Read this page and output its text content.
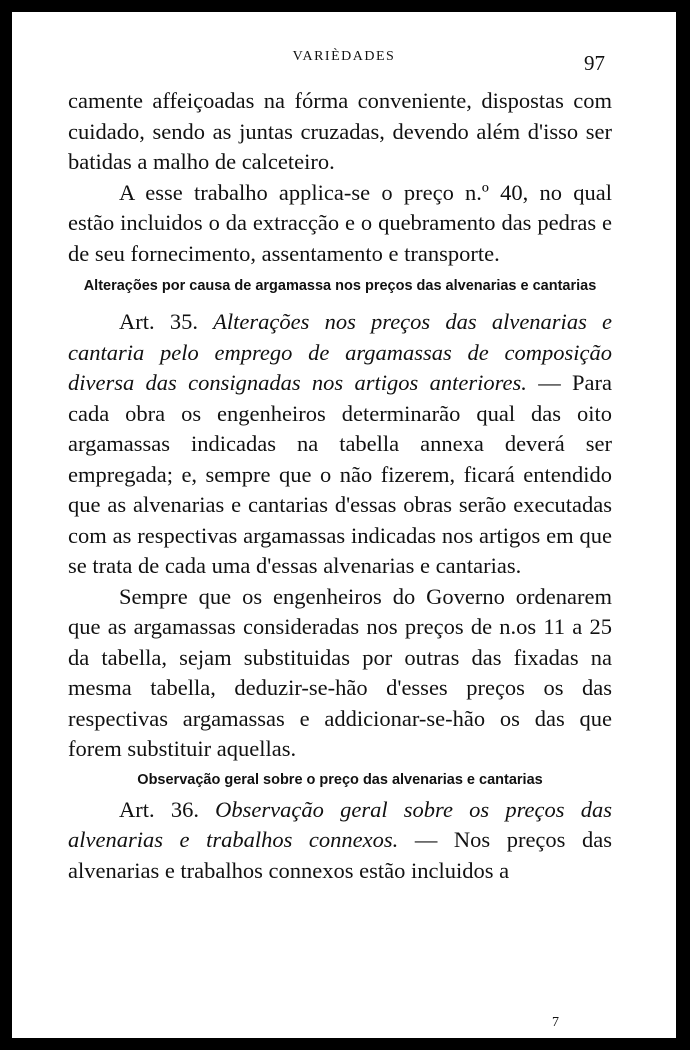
VARIÈDADES	97

camente affeiçoadas na fórma conveniente, dispostas com cuidado, sendo as juntas cruzadas, devendo além d'isso ser batidas a malho de calceteiro.

A esse trabalho applica-se o preço n.º 40, no qual estão incluidos o da extracção e o quebramento das pedras e de seu fornecimento, assentamento e transporte.

Alterações por causa de argamassa nos preços das alvenarias e cantarias

Art. 35. Alterações nos preços das alvenarias e cantaria pelo emprego de argamassas de composição diversa das consignadas nos artigos anteriores. — Para cada obra os engenheiros determinarão qual das oito argamassas indicadas na tabella annexa deverá ser empregada; e, sempre que o não fizerem, ficará entendido que as alvenarias e cantarias d'essas obras serão executadas com as respectivas argamassas indicadas nos artigos em que se trata de cada uma d'essas alvenarias e cantarias.

Sempre que os engenheiros do Governo ordenarem que as argamassas consideradas nos preços de n.os 11 a 25 da tabella, sejam substituidas por outras das fixadas na mesma tabella, deduzir-se-hão d'esses preços os das respectivas argamassas e addicionar-se-hão os das que forem substituir aquellas.

Observação geral sobre o preço das alvenarias e cantarias

Art. 36. Observação geral sobre os preços das alvenarias e trabalhos connexos. — Nos preços das alvenarias e trabalhos connexos estão incluidos a

7
